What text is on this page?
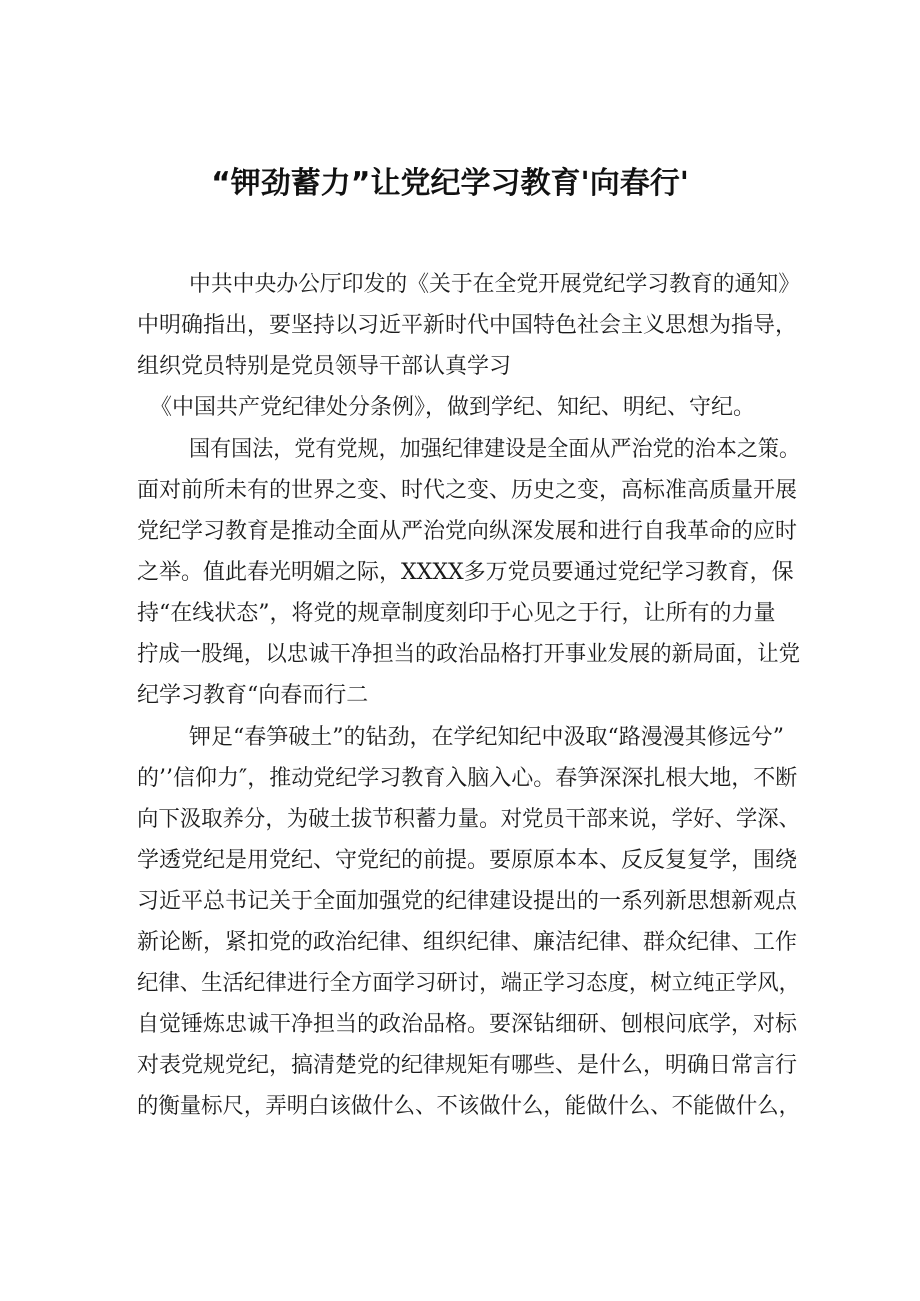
“钾劲蓄力”让党纪学习教育'向春行'
中共中央办公厅印发的《关于在全党开展党纪学习教育的通知》
中明确指出，要坚持以习近平新时代中国特色社会主义思想为指导，
组织党员特别是党员领导干部认真学习
《中国共产党纪律处分条例》，做到学纪、知纪、明纪、守纪。
国有国法，党有党规，加强纪律建设是全面从严治党的治本之策。
面对前所未有的世界之变、时代之变、历史之变，高标准高质量开展
党纪学习教育是推动全面从严治党向纵深发展和进行自我革命的应时
之举。值此春光明媚之际，XXXX多万党员要通过党纪学习教育，保
持“在线状态”，将党的规章制度刻印于心见之于行，让所有的力量
拧成一股绳，以忠诚干净担当的政治品格打开事业发展的新局面，让党
纪学习教育“向春而行二
钾足“春笋破土”的钻劲，在学纪知纪中汲取“路漫漫其修远兮”
的’’信仰力″，推动党纪学习教育入脑入心。春笋深深扎根大地，不断
向下汲取养分，为破土拔节积蓄力量。对党员干部来说，学好、学深、
学透党纪是用党纪、守党纪的前提。要原原本本、反反复复学，围绕
习近平总书记关于全面加强党的纪律建设提出的一系列新思想新观点
新论断，紧扣党的政治纪律、组织纪律、廉洁纪律、群众纪律、工作
纪律、生活纪律进行全方面学习研讨，端正学习态度，树立纯正学风，
自觉锤炼忠诚干净担当的政治品格。要深钻细研、刨根问底学，对标
对表党规党纪，搞清楚党的纪律规矩有哪些、是什么，明确日常言行
的衡量标尺，弄明白该做什么、不该做什么，能做什么、不能做什么，
